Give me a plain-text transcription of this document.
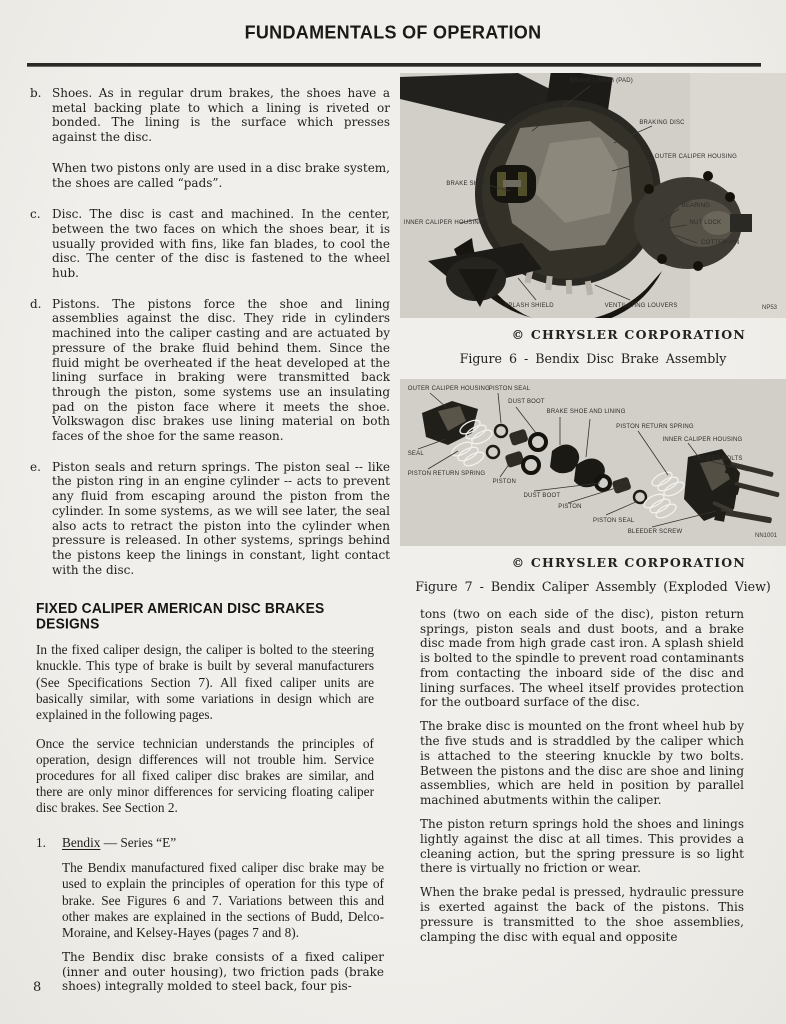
FUNDAMENTALS OF OPERATION
b. Shoes. As in regular drum brakes, the shoes have a metal backing plate to which a lining is riveted or bonded. The lining is the surface which presses against the disc.

When two pistons only are used in a disc brake system, the shoes are called “pads”.

c. Disc. The disc is cast and machined. In the center, between the two faces on which the shoes bear, it is usually provided with fins, like fan blades, to cool the disc. The center of the disc is fastened to the wheel hub.

d. Pistons. The pistons force the shoe and lining assemblies against the disc. They ride in cylinders machined into the caliper casting and are actuated by pressure of the brake fluid behind them. Since the fluid might be overheated if the heat developed at the lining surface in braking were transmitted back through the piston, some systems use an insulating pad on the piston face where it meets the shoe. Volkswagon disc brakes use lining material on both faces of the shoe for the same reason.

e. Piston seals and return springs. The piston seal -- like the piston ring in an engine cylinder -- acts to prevent any fluid from escaping around the piston from the cylinder. In some systems, as we will see later, the seal also acts to retract the piston into the cylinder when pressure is released. In other systems, springs behind the pistons keep the linings in constant, light contact with the disc.

FIXED CALIPER AMERICAN DISC BRAKES DESIGNS

In the fixed caliper design, the caliper is bolted to the steering knuckle. This type of brake is built by several manufacturers (See Specifications Section 7). All fixed caliper units are basically similar, with some variations in design which are explained in the following pages.

Once the service technician understands the principles of operation, design differences will not trouble him. Service procedures for all fixed caliper disc brakes are similar, and there are only minor differences for servicing floating caliper disc brakes. See Section 2.

1.	Bendix — Series “E”

The Bendix manufactured fixed caliper disc brake may be used to explain the principles of operation for this type of brake. See Figures 6 and 7. Variations between this and other makes are explained in the sections of Budd, Delco-Moraine, and Kelsey-Hayes (pages 7 and 8).

The Bendix disc brake consists of a fixed caliper (inner and outer housing), two friction pads (brake shoes) integrally molded to steel back, four pis-

8
NP53
BRAKE LINING (PAD)
BRAKING DISC
OUTER CALIPER HOUSING
BRAKE SHOE
BEARING
NUT LOCK
COTTER PIN
INNER CALIPER HOUSING
SPLASH SHIELD	VENTILATING LOUVERS
© CHRYSLER CORPORATION
Figure 6 - Bendix Disc Brake Assembly
NN1001
OUTER CALIPER HOUSING
PISTON SEAL
DUST BOOT
BRAKE SHOE AND LINING
PISTON RETURN SPRING
INNER CALIPER HOUSING
CALIPER BOLTS
SEAL
PISTON RETURN SPRING
PISTON
DUST BOOT
PISTON
PISTON SEAL
BLEEDER SCREW
© CHRYSLER CORPORATION
Figure 7 - Bendix Caliper Assembly (Exploded View)

tons (two on each side of the disc), piston return springs, piston seals and dust boots, and a brake disc made from high grade cast iron. A splash shield is bolted to the spindle to prevent road contaminants from contacting the inboard side of the disc and lining surfaces. The wheel itself provides protection for the outboard surface of the disc.

The brake disc is mounted on the front wheel hub by the five studs and is straddled by the caliper which is attached to the steering knuckle by two bolts. Between the pistons and the disc are shoe and lining assemblies, which are held in position by parallel machined abutments within the caliper.

The piston return springs hold the shoes and linings lightly against the disc at all times. This provides a cleaning action, but the spring pressure is so light there is virtually no friction or wear.

When the brake pedal is pressed, hydraulic pressure is exerted against the back of the pistons. This pressure is transmitted to the shoe assemblies, clamping the disc with equal and opposite
